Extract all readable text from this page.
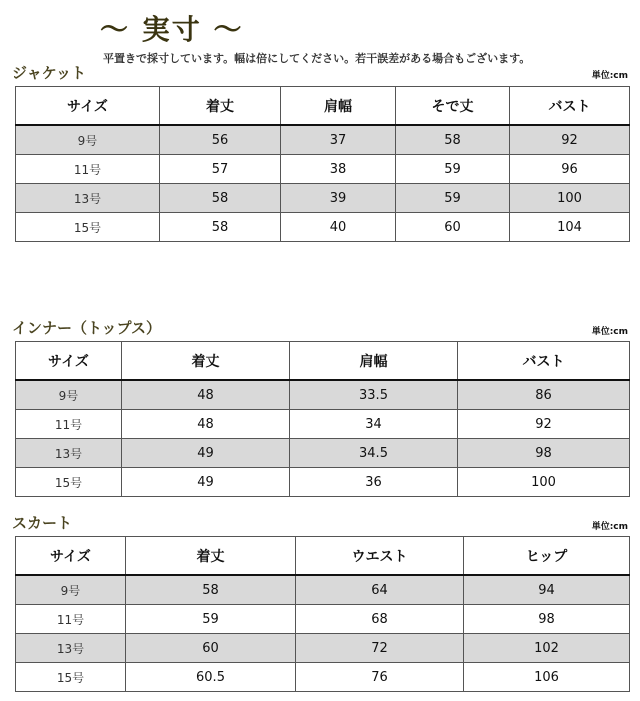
～ 実寸 ～
平置きで採寸しています。幅は倍にしてください。若干誤差がある場合もございます。
ジャケット	単位:cm
サイズ	着丈	肩幅	そで丈	バスト
9号	56	37	58	92
11号	57	38	59	96
13号	58	39	59	100
15号	58	40	60	104
インナー（トップス）	単位:cm
サイズ	着丈	肩幅	バスト
9号	48	33.5	86
11号	48	34	92
13号	49	34.5	98
15号	49	36	100
スカート	単位:cm
サイズ	着丈	ウエスト	ヒップ
9号	58	64	94
11号	59	68	98
13号	60	72	102
15号	60.5	76	106
